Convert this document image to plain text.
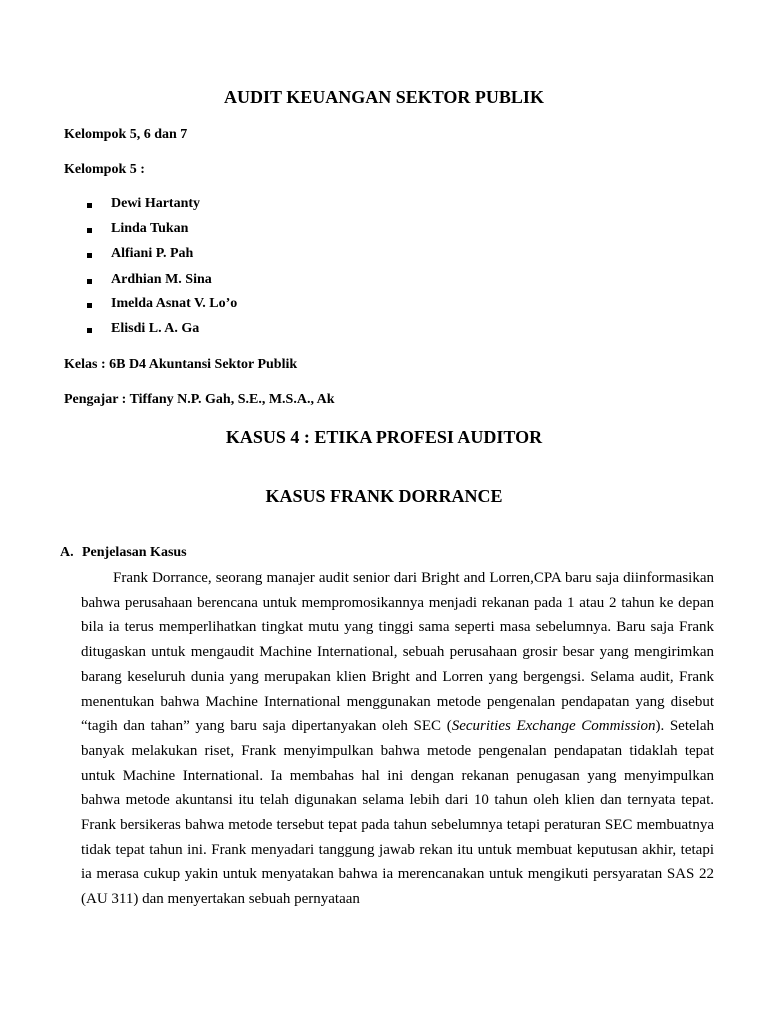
AUDIT KEUANGAN SEKTOR PUBLIK
Kelompok 5, 6 dan 7
Kelompok 5 :
Dewi Hartanty
Linda Tukan
Alfiani P. Pah
Ardhian M. Sina
Imelda Asnat V. Lo’o
Elisdi L. A. Ga
Kelas : 6B D4 Akuntansi Sektor Publik
Pengajar : Tiffany N.P. Gah, S.E., M.S.A., Ak
KASUS 4 : ETIKA PROFESI AUDITOR
KASUS FRANK DORRANCE
A. Penjelasan Kasus
Frank Dorrance, seorang manajer audit senior dari Bright and Lorren,CPA baru saja diinformasikan bahwa perusahaan berencana untuk mempromosikannya menjadi rekanan pada 1 atau 2 tahun ke depan bila ia terus memperlihatkan tingkat mutu yang tinggi sama seperti masa sebelumnya. Baru saja Frank ditugaskan untuk mengaudit Machine International, sebuah perusahaan grosir besar yang mengirimkan barang keseluruh dunia yang merupakan klien Bright and Lorren yang bergengsi. Selama audit, Frank menentukan bahwa Machine International menggunakan metode pengenalan pendapatan yang disebut “tagih dan tahan” yang baru saja dipertanyakan oleh SEC (Securities Exchange Commission). Setelah banyak melakukan riset, Frank menyimpulkan bahwa metode pengenalan pendapatan tidaklah tepat untuk Machine International. Ia membahas hal ini dengan rekanan penugasan yang menyimpulkan bahwa metode akuntansi itu telah digunakan selama lebih dari 10 tahun oleh klien dan ternyata tepat. Frank bersikeras bahwa metode tersebut tepat pada tahun sebelumnya tetapi peraturan SEC membuatnya tidak tepat tahun ini. Frank menyadari tanggung jawab rekan itu untuk membuat keputusan akhir, tetapi ia merasa cukup yakin untuk menyatakan bahwa ia merencanakan untuk mengikuti persyaratan SAS 22 (AU 311) dan menyertakan sebuah pernyataan
